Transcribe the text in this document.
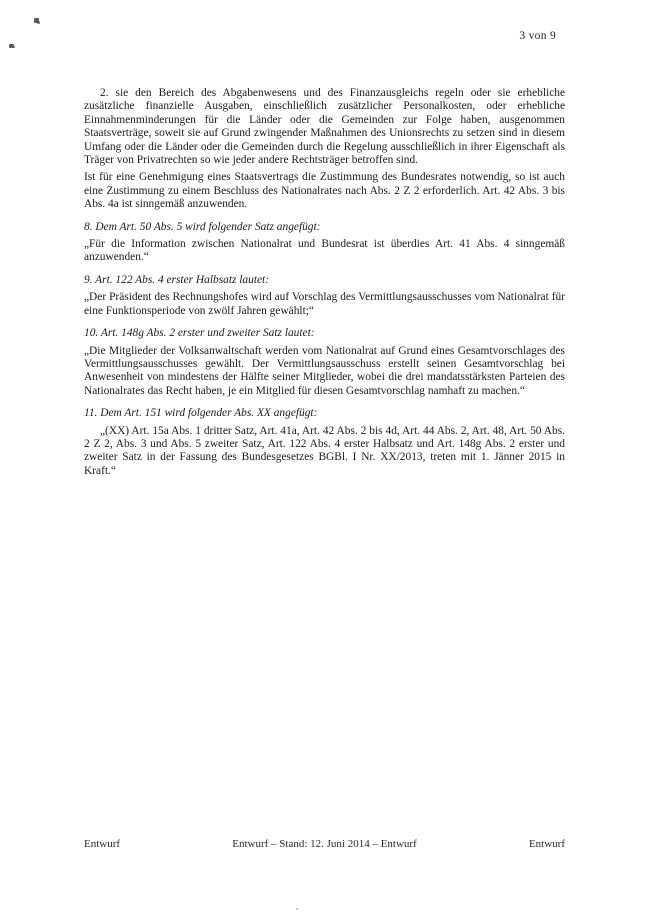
3 von 9

2. sie den Bereich des Abgabenwesens und des Finanzausgleichs regeln oder sie erhebliche zusätzliche finanzielle Ausgaben, einschließlich zusätzlicher Personalkosten, oder erhebliche Einnahmenminderungen für die Länder oder die Gemeinden zur Folge haben, ausgenommen Staatsverträge, soweit sie auf Grund zwingender Maßnahmen des Unionsrechts zu setzen sind in diesem Umfang oder die Länder oder die Gemeinden durch die Regelung ausschließlich in ihrer Eigenschaft als Träger von Privatrechten so wie jeder andere Rechtsträger betroffen sind.

Ist für eine Genehmigung eines Staatsvertrags die Zustimmung des Bundesrates notwendig, so ist auch eine Zustimmung zu einem Beschluss des Nationalrates nach Abs. 2 Z 2 erforderlich. Art. 42 Abs. 3 bis Abs. 4a ist sinngemäß anzuwenden.

8. Dem Art. 50 Abs. 5 wird folgender Satz angefügt:

„Für die Information zwischen Nationalrat und Bundesrat ist überdies Art. 41 Abs. 4 sinngemäß anzuwenden.“

9. Art. 122 Abs. 4 erster Halbsatz lautet:

„Der Präsident des Rechnungshofes wird auf Vorschlag des Vermittlungsausschusses vom Nationalrat für eine Funktionsperiode von zwölf Jahren gewählt;“

10. Art. 148g Abs. 2 erster und zweiter Satz lautet:

„Die Mitglieder der Volksanwaltschaft werden vom Nationalrat auf Grund eines Gesamtvorschlages des Vermittlungsausschusses gewählt. Der Vermittlungsausschuss erstellt seinen Gesamtvorschlag bei Anwesenheit von mindestens der Hälfte seiner Mitglieder, wobei die drei mandatsstärksten Parteien des Nationalrates das Recht haben, je ein Mitglied für diesen Gesamtvorschlag namhaft zu machen.“

11. Dem Art. 151 wird folgender Abs. XX angefügt:

„(XX) Art. 15a Abs. 1 dritter Satz, Art. 41a, Art. 42 Abs. 2 bis 4d, Art. 44 Abs. 2, Art. 48, Art. 50 Abs. 2 Z 2, Abs. 3 und Abs. 5 zweiter Satz, Art. 122 Abs. 4 erster Halbsatz und Art. 148g Abs. 2 erster und zweiter Satz in der Fassung des Bundesgesetzes BGBl. I Nr. XX/2013, treten mit 1. Jänner 2015 in Kraft.“

Entwurf	Entwurf – Stand: 12. Juni 2014 – Entwurf	Entwurf
